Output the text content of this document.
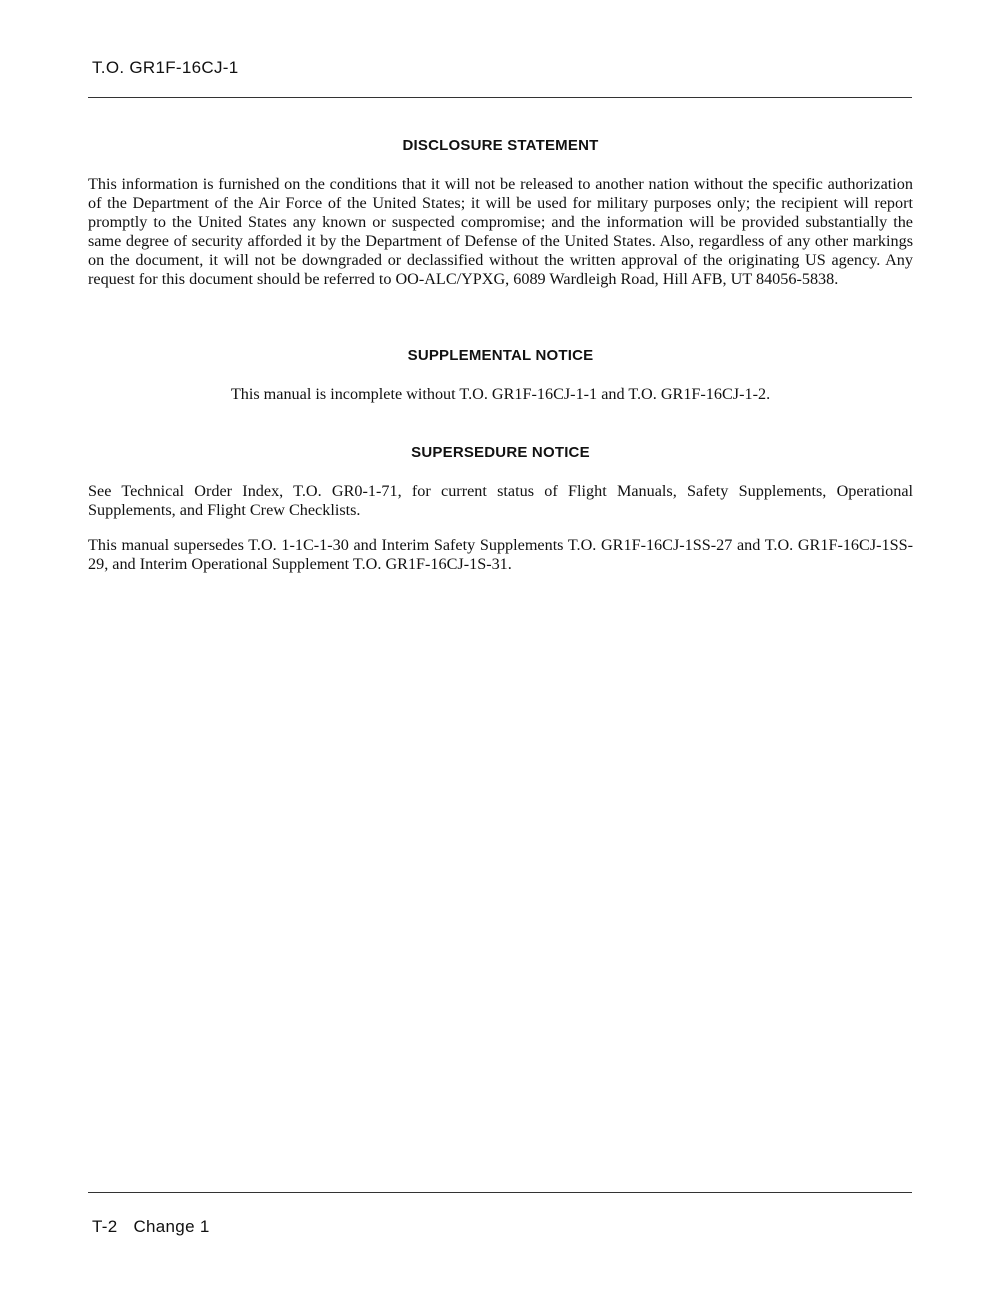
T.O. GR1F-16CJ-1
DISCLOSURE STATEMENT

This information is furnished on the conditions that it will not be released to another nation without the specific authorization of the Department of the Air Force of the United States; it will be used for military purposes only; the recipient will report promptly to the United States any known or suspected compromise; and the information will be provided substantially the same degree of security afforded it by the Department of Defense of the United States. Also, regardless of any other markings on the document, it will not be downgraded or declassified without the written approval of the originating US agency. Any request for this document should be referred to OO-ALC/YPXG, 6089 Wardleigh Road, Hill AFB, UT 84056-5838.

SUPPLEMENTAL NOTICE

This manual is incomplete without T.O. GR1F-16CJ-1-1 and T.O. GR1F-16CJ-1-2.

SUPERSEDURE NOTICE

See Technical Order Index, T.O. GR0-1-71, for current status of Flight Manuals, Safety Supplements, Operational Supplements, and Flight Crew Checklists.

This manual supersedes T.O. 1-1C-1-30 and Interim Safety Supplements T.O. GR1F-16CJ-1SS-27 and T.O. GR1F-16CJ-1SS-29, and Interim Operational Supplement T.O. GR1F-16CJ-1S-31.

T-2 Change 1
